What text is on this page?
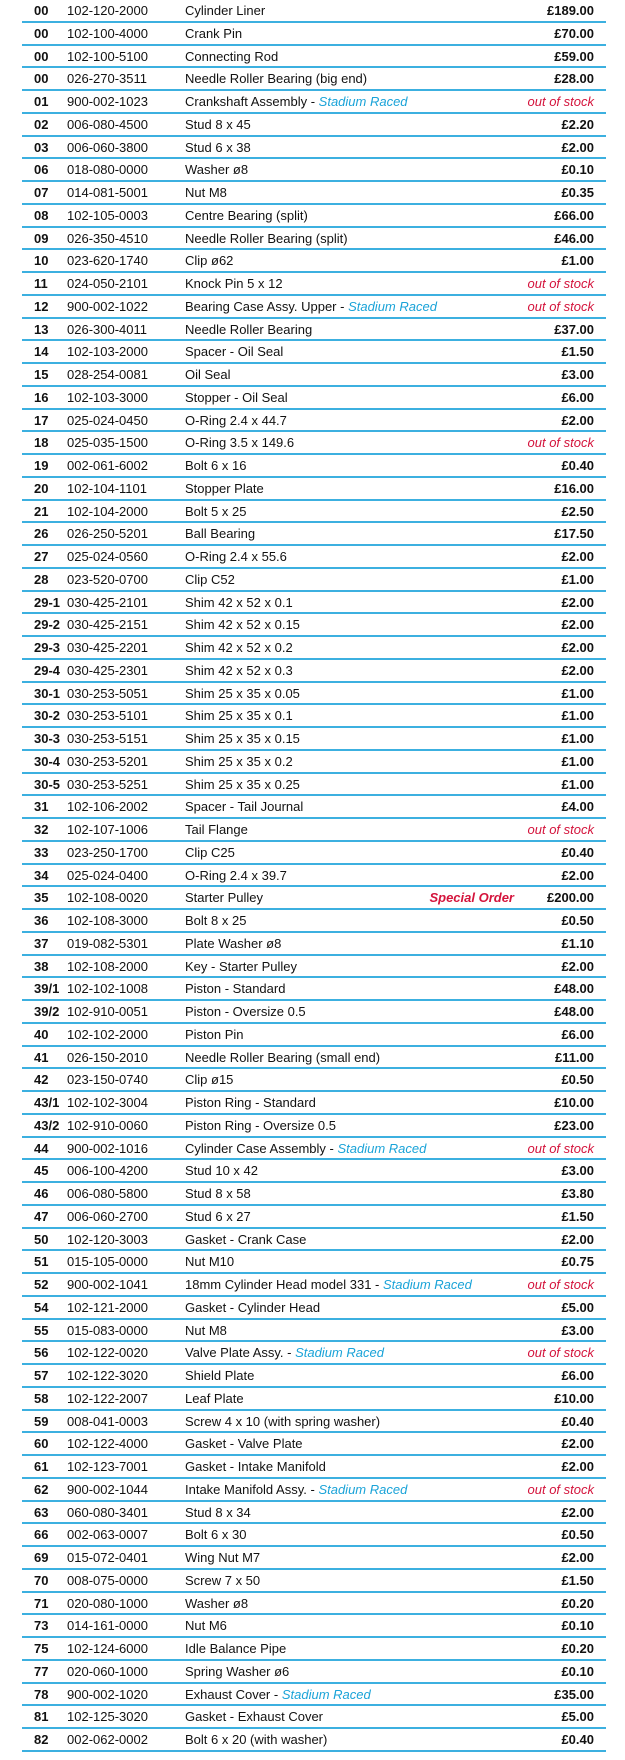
00 102-120-2000	Cylinder Liner	£189.00
00 102-100-4000	Crank Pin	£70.00
00 102-100-5100	Connecting Rod	£59.00
00 026-270-3511	Needle Roller Bearing (big end)	£28.00
01 900-002-1023	Crankshaft Assembly - Stadium Raced	out of stock
02 006-080-4500	Stud 8 x 45	£2.20
03 006-060-3800	Stud 6 x 38	£2.00
06 018-080-0000	Washer ø8	£0.10
07 014-081-5001	Nut M8	£0.35
08 102-105-0003	Centre Bearing (split)	£66.00
09 026-350-4510	Needle Roller Bearing (split)	£46.00
10 023-620-1740	Clip ø62	£1.00
11 024-050-2101	Knock Pin 5 x 12	out of stock
12 900-002-1022	Bearing Case Assy. Upper - Stadium Raced	out of stock
13 026-300-4011	Needle Roller Bearing	£37.00
14 102-103-2000	Spacer - Oil Seal	£1.50
15 028-254-0081	Oil Seal	£3.00
16 102-103-3000	Stopper - Oil Seal	£6.00
17 025-024-0450	O-Ring 2.4 x 44.7	£2.00
18 025-035-1500	O-Ring 3.5 x 149.6	out of stock
19 002-061-6002	Bolt 6 x 16	£0.40
20 102-104-1101	Stopper Plate	£16.00
21 102-104-2000	Bolt 5 x 25	£2.50
26 026-250-5201	Ball Bearing	£17.50
27 025-024-0560	O-Ring 2.4 x 55.6	£2.00
28 023-520-0700	Clip C52	£1.00
29-1 030-425-2101	Shim 42 x 52 x 0.1	£2.00
29-2 030-425-2151	Shim 42 x 52 x 0.15	£2.00
29-3 030-425-2201	Shim 42 x 52 x 0.2	£2.00
29-4 030-425-2301	Shim 42 x 52 x 0.3	£2.00
30-1 030-253-5051	Shim 25 x 35 x 0.05	£1.00
30-2 030-253-5101	Shim 25 x 35 x 0.1	£1.00
30-3 030-253-5151	Shim 25 x 35 x 0.15	£1.00
30-4 030-253-5201	Shim 25 x 35 x 0.2	£1.00
30-5 030-253-5251	Shim 25 x 35 x 0.25	£1.00
31 102-106-2002	Spacer - Tail Journal	£4.00
32 102-107-1006	Tail Flange	out of stock
33 023-250-1700	Clip C25	£0.40
34 025-024-0400	O-Ring 2.4 x 39.7	£2.00
35 102-108-0020	Starter Pulley	Special Order	£200.00
36 102-108-3000	Bolt 8 x 25	£0.50
37 019-082-5301	Plate Washer ø8	£1.10
38 102-108-2000	Key - Starter Pulley	£2.00
39/1 102-102-1008	Piston - Standard	£48.00
39/2 102-910-0051	Piston - Oversize 0.5	£48.00
40 102-102-2000	Piston Pin	£6.00
41 026-150-2010	Needle Roller Bearing (small end)	£11.00
42 023-150-0740	Clip ø15	£0.50
43/1 102-102-3004	Piston Ring - Standard	£10.00
43/2 102-910-0060	Piston Ring - Oversize 0.5	£23.00
44 900-002-1016	Cylinder Case Assembly - Stadium Raced	out of stock
45 006-100-4200	Stud 10 x 42	£3.00
46 006-080-5800	Stud 8 x 58	£3.80
47 006-060-2700	Stud 6 x 27	£1.50
50 102-120-3003	Gasket - Crank Case	£2.00
51 015-105-0000	Nut M10	£0.75
52 900-002-1041	18mm Cylinder Head model 331 - Stadium Raced	out of stock
54 102-121-2000	Gasket - Cylinder Head	£5.00
55 015-083-0000	Nut M8	£3.00
56 102-122-0020	Valve Plate Assy. - Stadium Raced	out of stock
57 102-122-3020	Shield Plate	£6.00
58 102-122-2007	Leaf Plate	£10.00
59 008-041-0003	Screw 4 x 10 (with spring washer)	£0.40
60 102-122-4000	Gasket - Valve Plate	£2.00
61 102-123-7001	Gasket - Intake Manifold	£2.00
62 900-002-1044	Intake Manifold Assy. - Stadium Raced	out of stock
63 060-080-3401	Stud 8 x 34	£2.00
66 002-063-0007	Bolt 6 x 30	£0.50
69 015-072-0401	Wing Nut M7	£2.00
70 008-075-0000	Screw 7 x 50	£1.50
71 020-080-1000	Washer ø8	£0.20
73 014-161-0000	Nut M6	£0.10
75 102-124-6000	Idle Balance Pipe	£0.20
77 020-060-1000	Spring Washer ø6	£0.10
78 900-002-1020	Exhaust Cover - Stadium Raced	£35.00
81 102-125-3020	Gasket - Exhaust Cover	£5.00
82 002-062-0002	Bolt 6 x 20 (with washer)	£0.40
